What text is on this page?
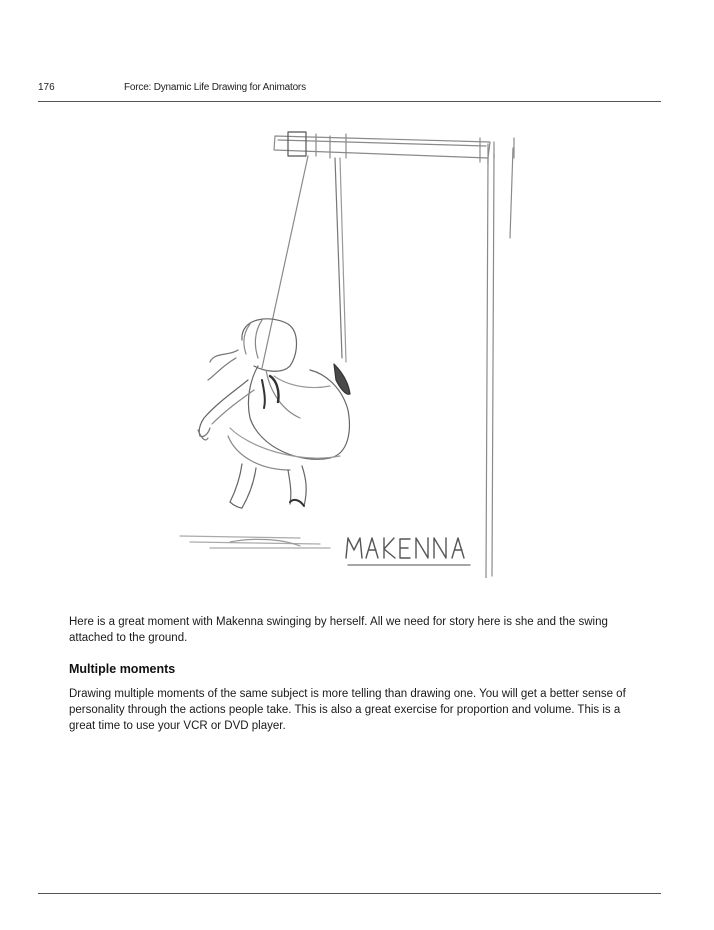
176	Force: Dynamic Life Drawing for Animators
Here is a great moment with Makenna swinging by herself. All we need for story here is she and the swing attached to the ground.
Multiple moments
Drawing multiple moments of the same subject is more telling than drawing one. You will get a better sense of personality through the actions people take. This is also a great exercise for proportion and volume. This is a great time to use your VCR or DVD player.
